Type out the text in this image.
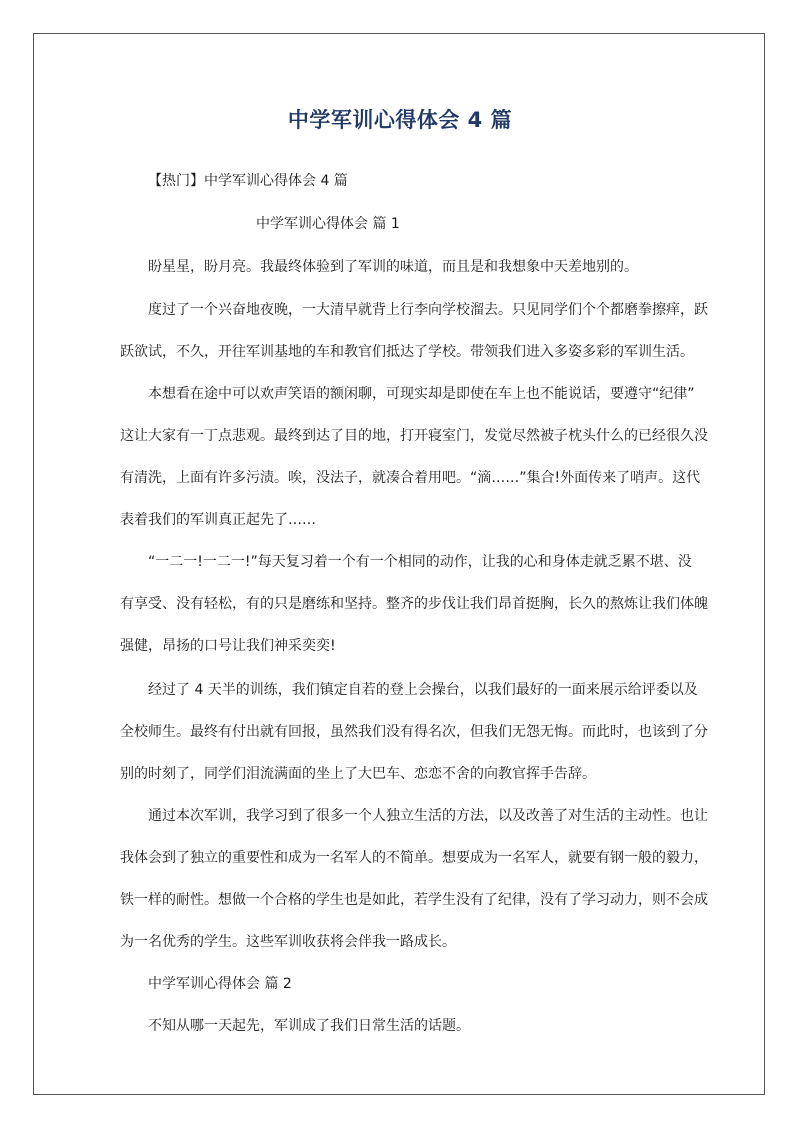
中学军训心得体会 4 篇
【热门】中学军训心得体会 4 篇
中学军训心得体会 篇 1
盼星星，盼月亮。我最终体验到了军训的味道，而且是和我想象中天差地别的。
度过了一个兴奋地夜晚，一大清早就背上行李向学校溜去。只见同学们个个都磨拳擦痒，跃
跃欲试，不久，开往军训基地的车和教官们抵达了学校。带领我们进入多姿多彩的军训生活。
本想看在途中可以欢声笑语的额闲聊，可现实却是即使在车上也不能说话，要遵守“纪律”
这让大家有一丁点悲观。最终到达了目的地，打开寝室门，发觉尽然被子枕头什么的已经很久没
有清洗，上面有许多污渍。唉，没法子，就凑合着用吧。“滴……”集合!外面传来了哨声。这代
表着我们的军训真正起先了……
“一二一!一二一!”每天复习着一个有一个相同的动作，让我的心和身体走就乏累不堪、没
有享受、没有轻松，有的只是磨练和坚持。整齐的步伐让我们昂首挺胸，长久的熬炼让我们体魄
强健，昂扬的口号让我们神采奕奕!
经过了 4 天半的训练，我们镇定自若的登上会操台，以我们最好的一面来展示给评委以及
全校师生。最终有付出就有回报，虽然我们没有得名次，但我们无怨无悔。而此时，也该到了分
别的时刻了，同学们泪流满面的坐上了大巴车、恋恋不舍的向教官挥手告辞。
通过本次军训，我学习到了很多一个人独立生活的方法，以及改善了对生活的主动性。也让
我体会到了独立的重要性和成为一名军人的不简单。想要成为一名军人，就要有钢一般的毅力，
铁一样的耐性。想做一个合格的学生也是如此，若学生没有了纪律，没有了学习动力，则不会成
为一名优秀的学生。这些军训收获将会伴我一路成长。
中学军训心得体会 篇 2
不知从哪一天起先，军训成了我们日常生活的话题。
